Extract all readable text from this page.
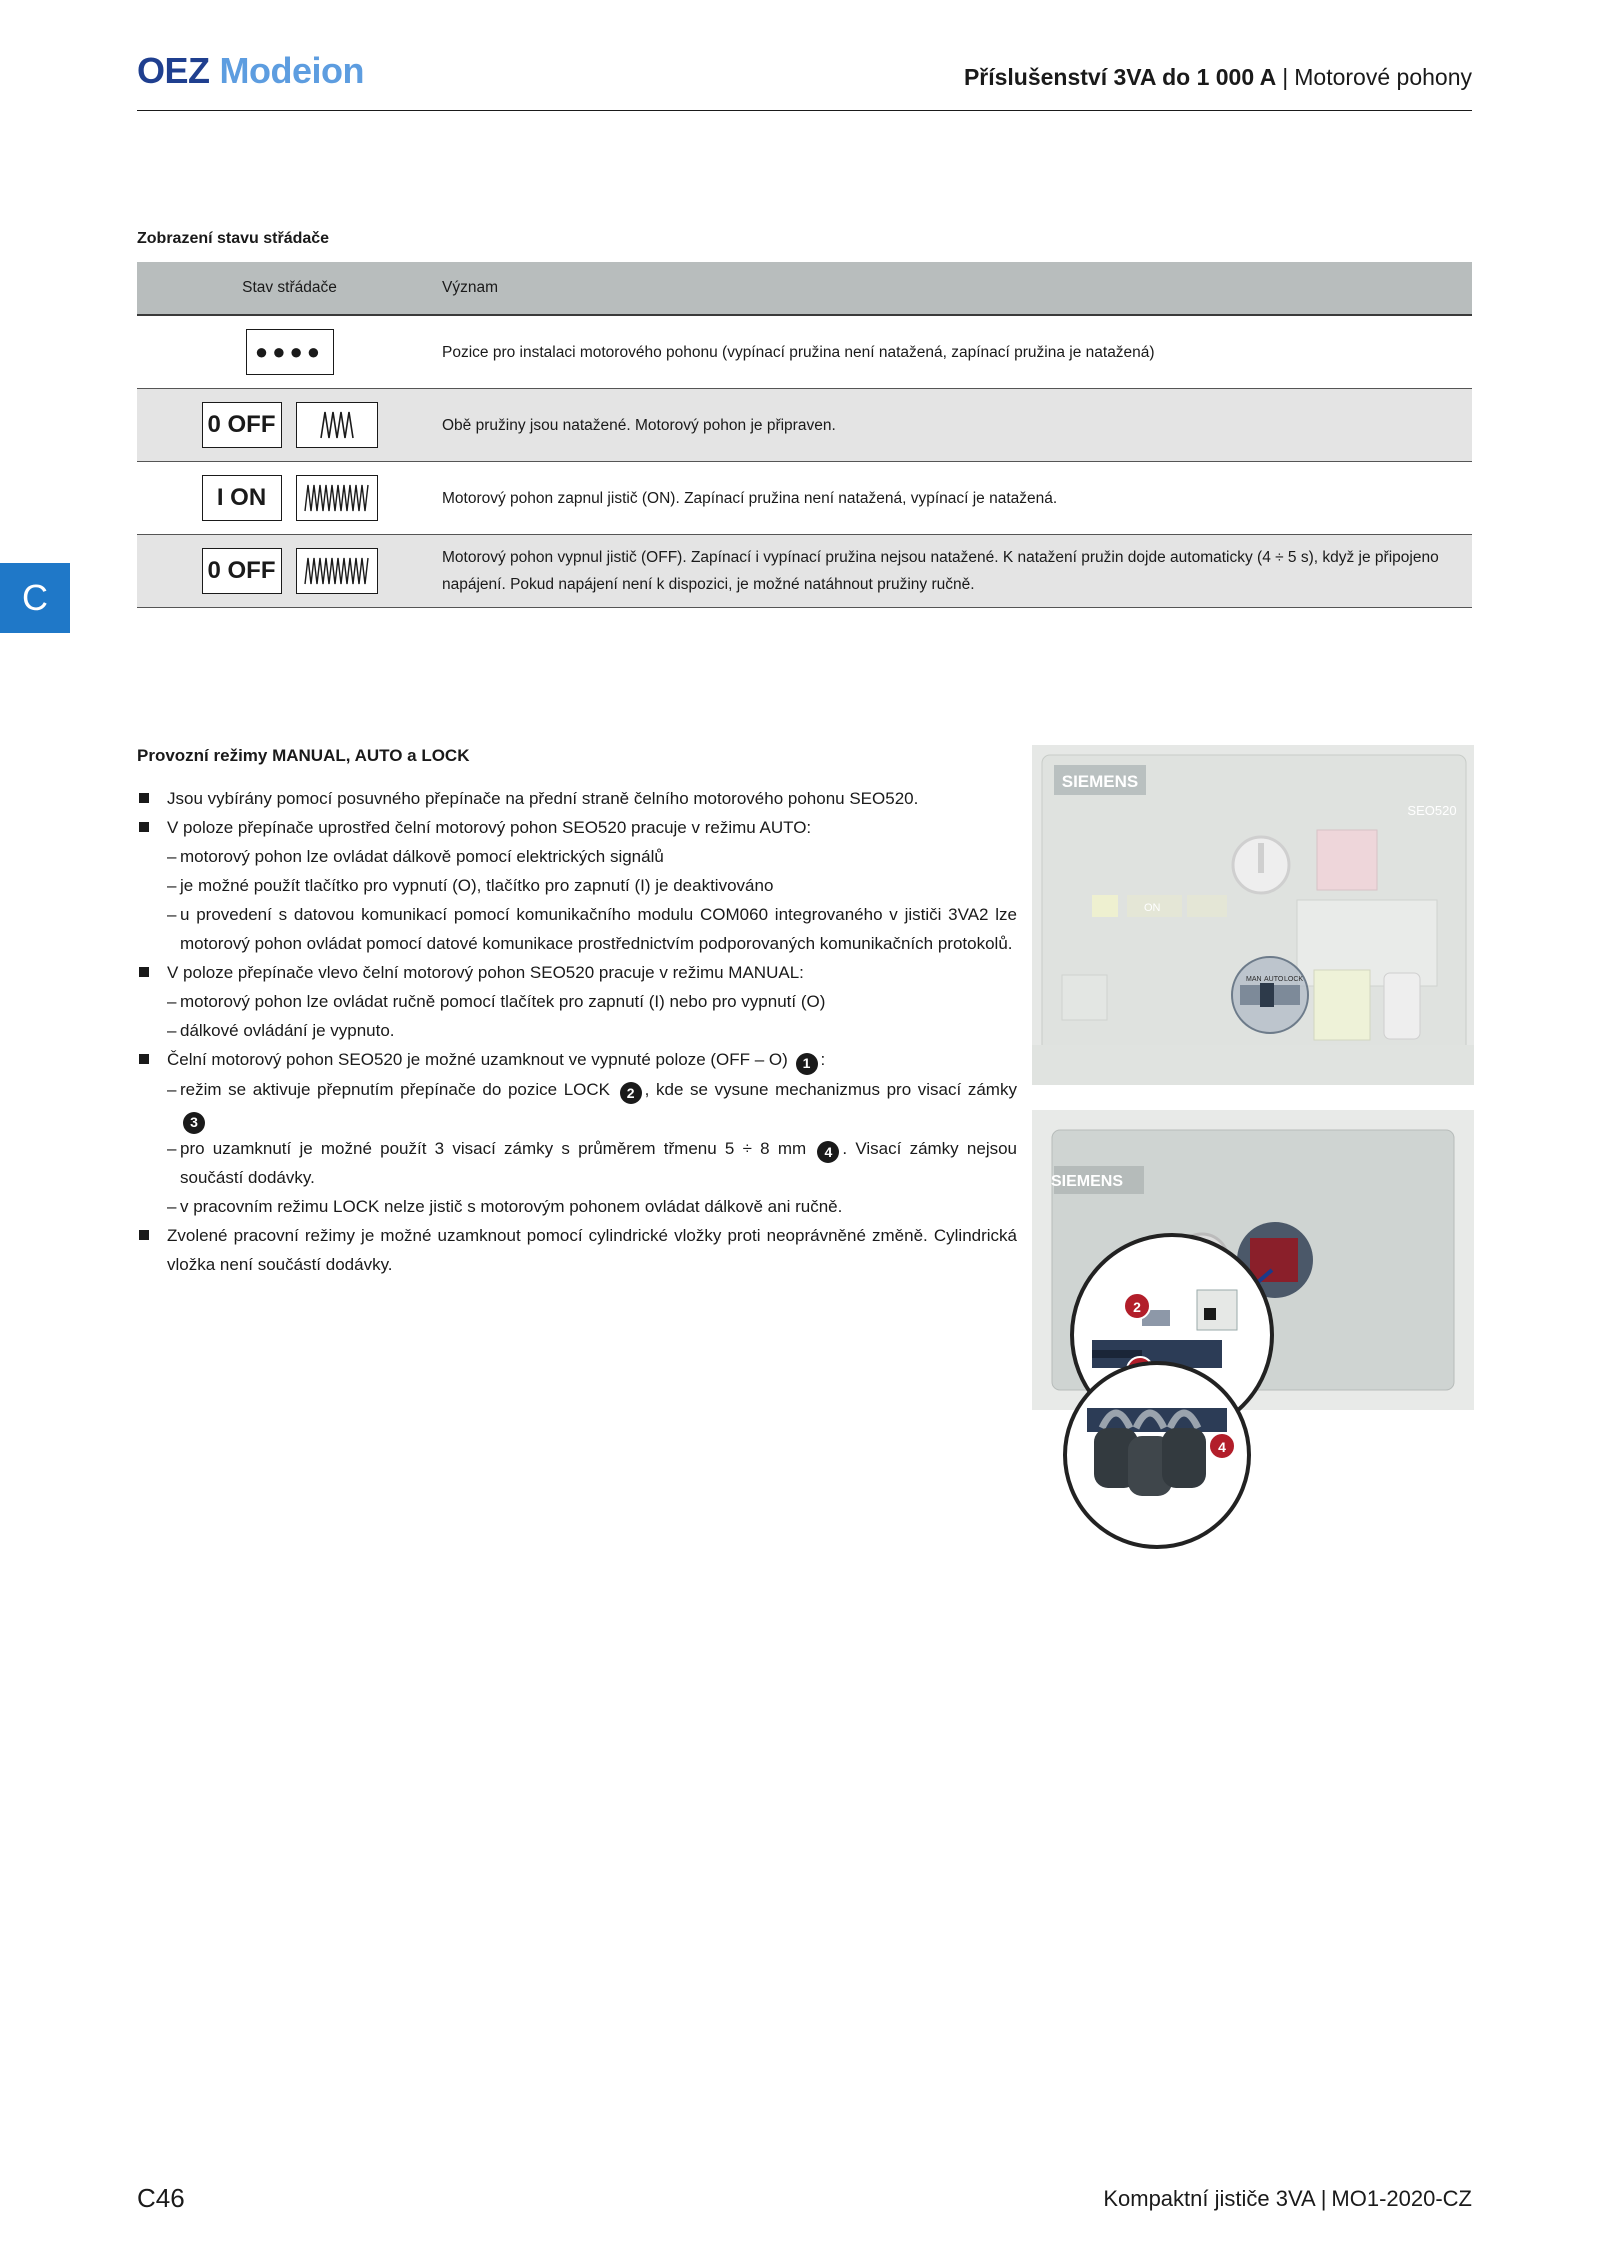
OEZ Modeion	Příslušenství 3VA do 1 000 A | Motorové pohony
C
Zobrazení stavu střádače
Stav střádače	Význam
●●●●	Pozice pro instalaci motorového pohonu (vypínací pružina není natažená, zapínací pružina je natažená)
0 OFF	Obě pružiny jsou natažené. Motorový pohon je připraven.
I ON	Motorový pohon zapnul jistič (ON). Zapínací pružina není natažená, vypínací je natažená.
0 OFF	Motorový pohon vypnul jistič (OFF). Zapínací i vypínací pružina nejsou natažené. K natažení pružin dojde automaticky (4 ÷ 5 s), když je připojeno napájení. Pokud napájení není k dispozici, je možné natáhnout pružiny ručně.
Provozní režimy MANUAL, AUTO a LOCK
Jsou vybírány pomocí posuvného přepínače na přední straně čelního motorového pohonu SEO520.
V poloze přepínače uprostřed čelní motorový pohon SEO520 pracuje v režimu AUTO:
– motorový pohon lze ovládat dálkově pomocí elektrických signálů
– je možné použít tlačítko pro vypnutí (O), tlačítko pro zapnutí (I) je deaktivováno
– u provedení s datovou komunikací pomocí komunikačního modulu COM060 integrovaného v jističi 3VA2 lze motorový pohon ovládat pomocí datové komunikace prostřednictvím podporovaných komunikačních protokolů.
V poloze přepínače vlevo čelní motorový pohon SEO520 pracuje v režimu MANUAL:
– motorový pohon lze ovládat ručně pomocí tlačítek pro zapnutí (I) nebo pro vypnutí (O)
– dálkové ovládání je vypnuto.
Čelní motorový pohon SEO520 je možné uzamknout ve vypnuté poloze (OFF – O) 1 :
– režim se aktivuje přepnutím přepínače do pozice LOCK 2 , kde se vysune mechanizmus pro visací zámky 3
– pro uzamknutí je možné použít 3 visací zámky s průměrem třmenu 5 ÷ 8 mm 4 . Visací zámky nejsou součástí dodávky.
– v pracovním režimu LOCK nelze jistič s motorovým pohonem ovládat dálkově ani ručně.
Zvolené pracovní režimy je možné uzamknout pomocí cylindrické vložky proti neoprávněné změně. Cylindrická vložka není součástí dodávky.
SIEMENS
SEO520
ON
MAN AUTO LOCK
SIEMENS
2
4
C46	Kompaktní jističe 3VA | MO1-2020-CZ
